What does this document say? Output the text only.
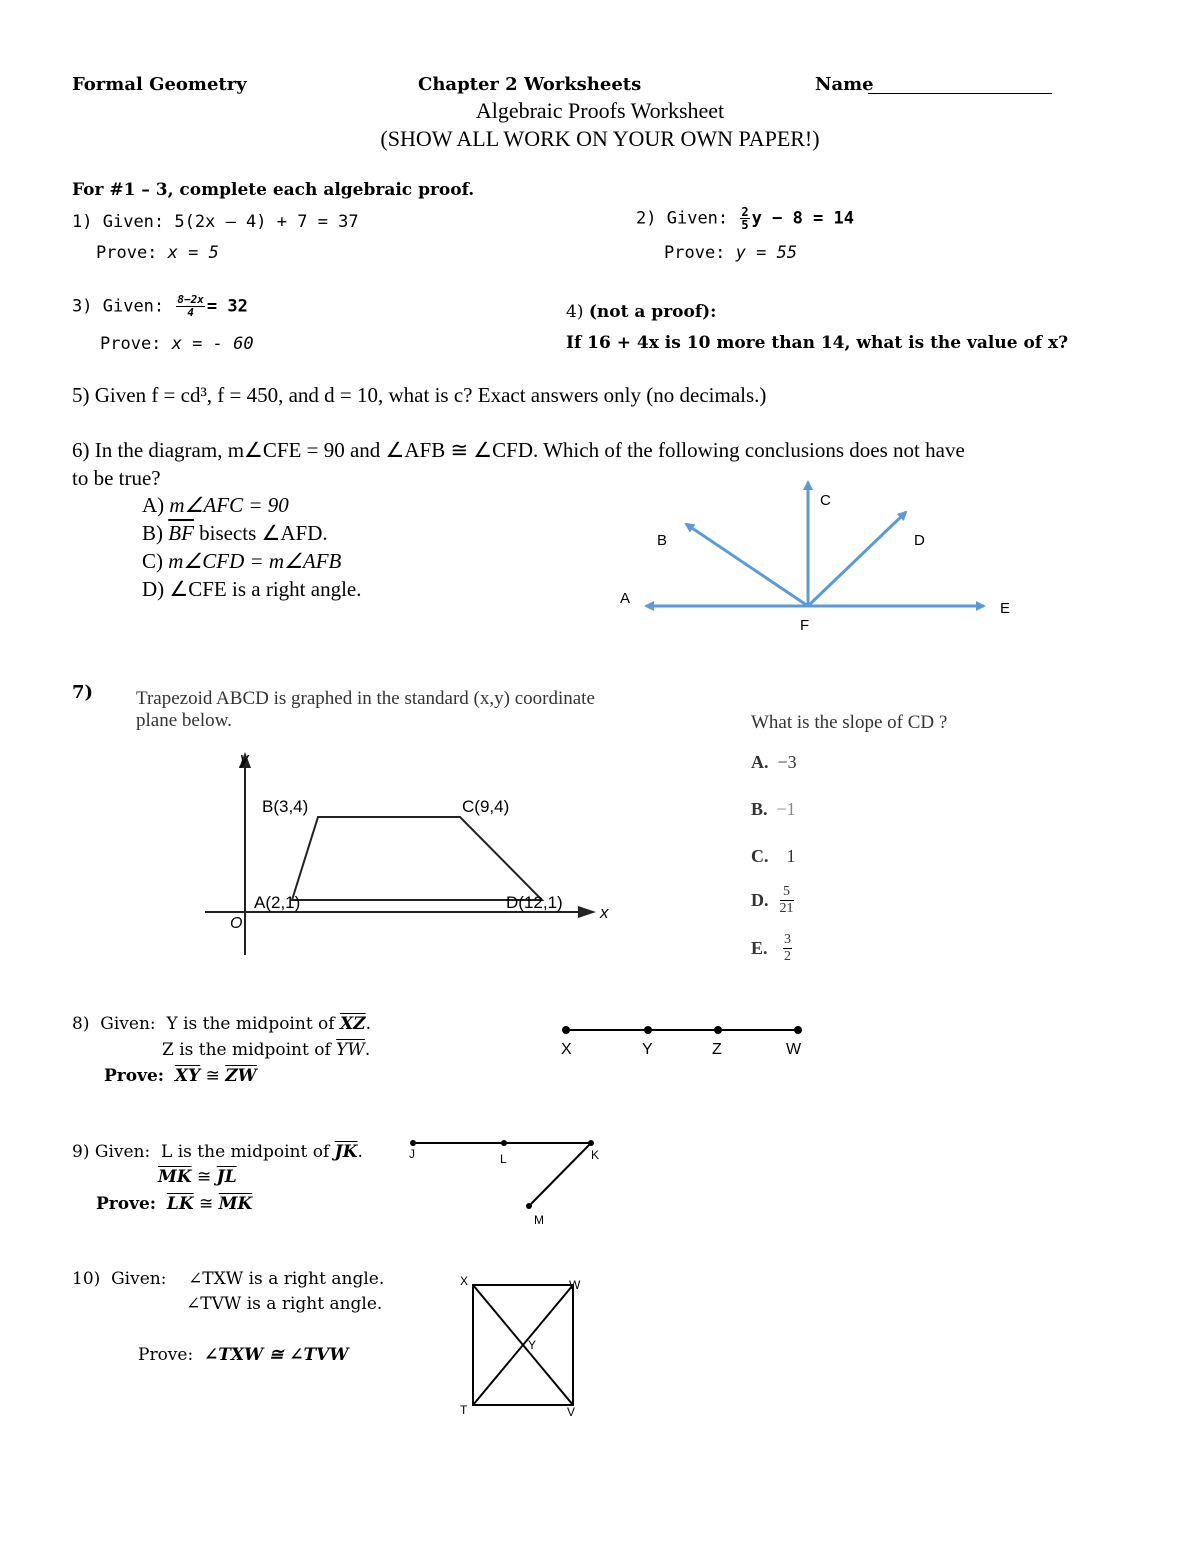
Formal Geometry	Chapter 2 Worksheets	Name
Algebraic Proofs Worksheet
(SHOW ALL WORK ON YOUR OWN PAPER!)
For #1 – 3, complete each algebraic proof.
1) Given: 5(2x – 4) + 7 = 37
Prove: x = 5
2) Given: $\frac{2}{5}$ y − 8 = 14
Prove: y = 55
3) Given: $\frac{8-2x}{4} = 32$
Prove: x = - 60
4) (not a proof):
If 16 + 4x is 10 more than 14, what is the value of x?
5) Given f = cd³, f = 450, and d = 10, what is c? Exact answers only (no decimals.)
6) In the diagram, m∠CFE = 90 and ∠AFB ≅ ∠CFD. Which of the following conclusions does not have
to be true?
A) m∠AFC = 90
B) $\overline{BF}$ bisects ∠AFD.
C) m∠CFD = m∠AFB
D) ∠CFE is a right angle.	A
B
C
D
E
F
7) Trapezoid ABCD is graphed in the standard (x,y) coordinate
plane below.	What is the slope of CD ?
y
x
O
B(3,4)	C(9,4)
A(2,1)	D(12,1)
A. −3
B. −1
C. 1
D. $\frac{5}{21}$
E. $\frac{3}{2}$
8) Given: Y is the midpoint of $\overline{XZ}$.
Z is the midpoint of $\overline{YW}$.
Prove: $\overline{XY}$ ≅ $\overline{ZW}$
X	Y	Z	W
9) Given: L is the midpoint of $\overline{JK}$.
$\overline{MK}$ ≅ $\overline{JL}$
Prove: $\overline{LK}$ ≅ $\overline{MK}$
J	L	K
M
10) Given: ∠TXW is a right angle.
∠TVW is a right angle.
Prove: ∠TXW ≅ ∠TVW
X	W
Y
T	V
